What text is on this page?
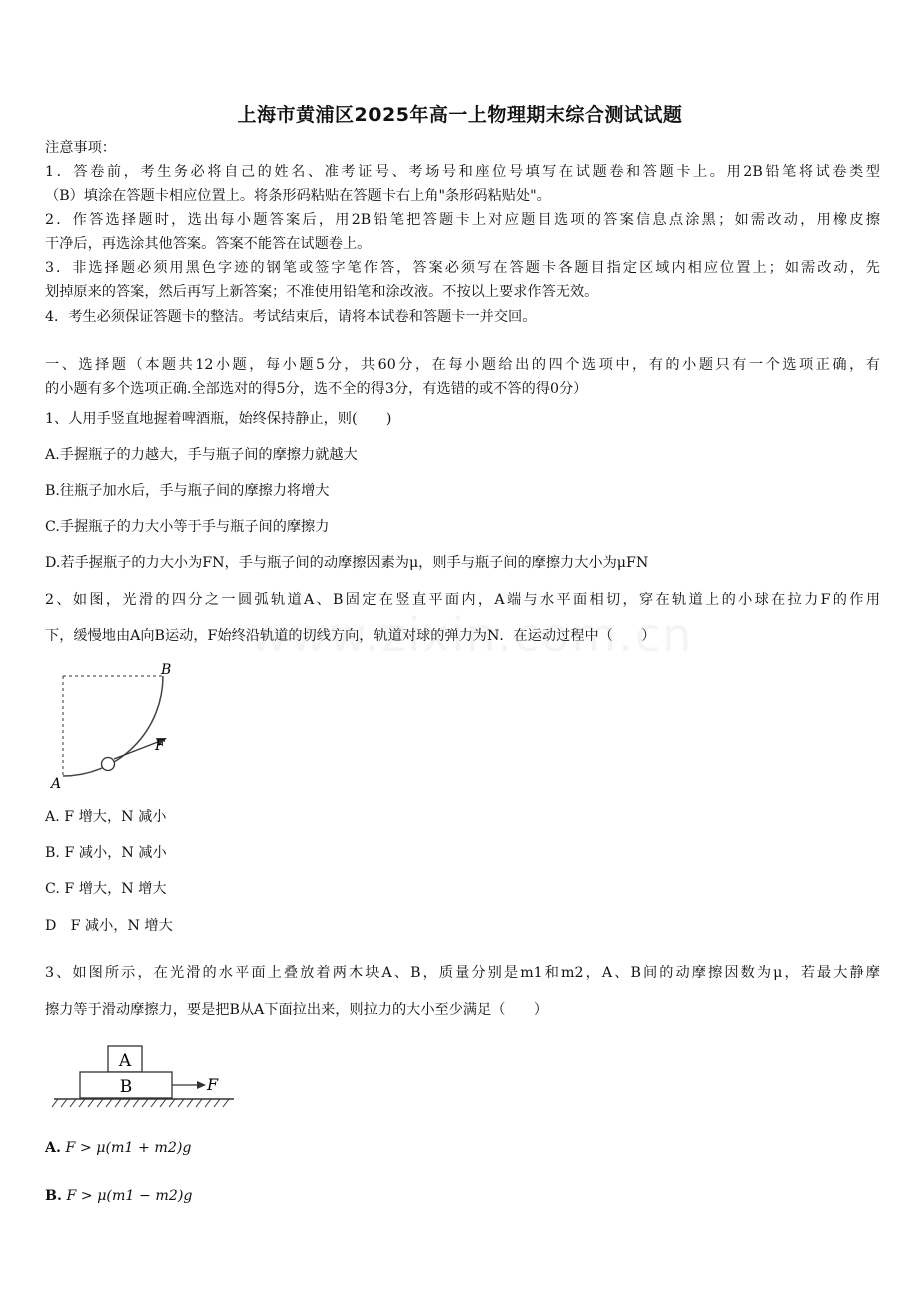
上海市黄浦区2025年高一上物理期末综合测试试题
注意事项：
1．答卷前，考生务必将自己的姓名、准考证号、考场号和座位号填写在试题卷和答题卡上。用2B铅笔将试卷类型
（B）填涂在答题卡相应位置上。将条形码粘贴在答题卡右上角"条形码粘贴处"。
2．作答选择题时，选出每小题答案后，用2B铅笔把答题卡上对应题目选项的答案信息点涂黑；如需改动，用橡皮擦
干净后，再选涂其他答案。答案不能答在试题卷上。
3．非选择题必须用黑色字迹的钢笔或签字笔作答，答案必须写在答题卡各题目指定区域内相应位置上；如需改动，先
划掉原来的答案，然后再写上新答案；不准使用铅笔和涂改液。不按以上要求作答无效。
4．考生必须保证答题卡的整洁。考试结束后，请将本试卷和答题卡一并交回。
一、选择题（本题共12小题，每小题5分，共60分，在每小题给出的四个选项中，有的小题只有一个选项正确，有
的小题有多个选项正确.全部选对的得5分，选不全的得3分，有选错的或不答的得0分）
1、人用手竖直地握着啤酒瓶，始终保持静止，则(　　)
A.手握瓶子的力越大，手与瓶子间的摩擦力就越大
B.往瓶子加水后，手与瓶子间的摩擦力将增大
C.手握瓶子的力大小等于手与瓶子间的摩擦力
D.若手握瓶子的力大小为FN，手与瓶子间的动摩擦因素为μ，则手与瓶子间的摩擦力大小为μFN
2、如图，光滑的四分之一圆弧轨道A、B固定在竖直平面内，A端与水平面相切，穿在轨道上的小球在拉力F的作用
下，缓慢地由A向B运动，F始终沿轨道的切线方向，轨道对球的弹力为N．在运动过程中（　　）
A
B
F
A. F 增大，N 减小
B. F 减小，N 减小
C. F 增大，N 增大
D　F 减小，N 增大
3、如图所示，在光滑的水平面上叠放着两木块A、B，质量分别是m1和m2，A、B间的动摩擦因数为μ，若最大静摩
擦力等于滑动摩擦力，要是把B从A下面拉出来，则拉力的大小至少满足（　　）
A
B	F
A. F > μ(m1 + m2)g
B. F > μ(m1 − m2)g
